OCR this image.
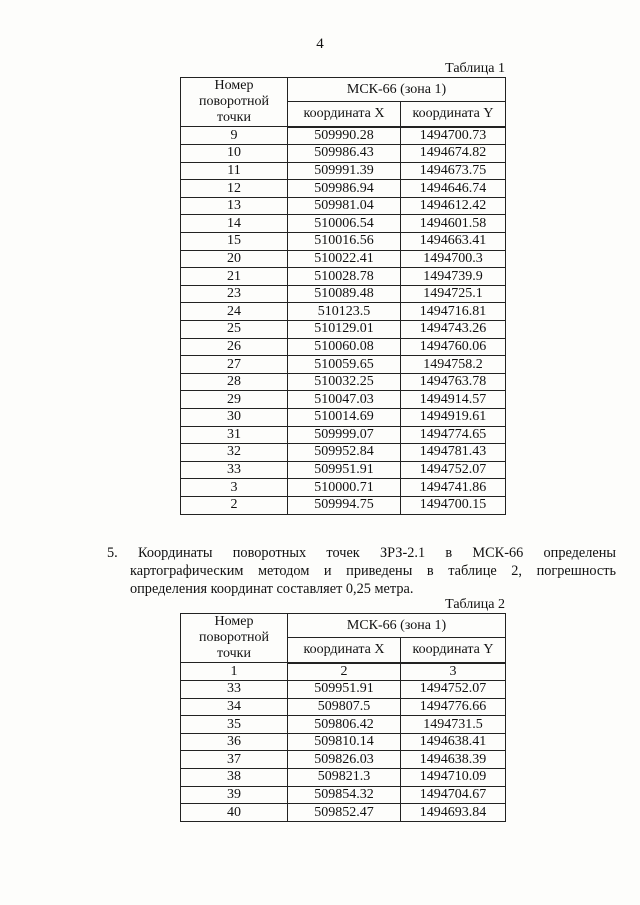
4
Таблица 1
Номер поворотной точки	МСК-66 (зона 1)	
	координата X	координата Y
9	509990.28	1494700.73
10	509986.43	1494674.82
11	509991.39	1494673.75
12	509986.94	1494646.74
13	509981.04	1494612.42
14	510006.54	1494601.58
15	510016.56	1494663.41
20	510022.41	1494700.3
21	510028.78	1494739.9
23	510089.48	1494725.1
24	510123.5	1494716.81
25	510129.01	1494743.26
26	510060.08	1494760.06
27	510059.65	1494758.2
28	510032.25	1494763.78
29	510047.03	1494914.57
30	510014.69	1494919.61
31	509999.07	1494774.65
32	509952.84	1494781.43
33	509951.91	1494752.07
3	510000.71	1494741.86
2	509994.75	1494700.15
5. Координаты поворотных точек ЗРЗ-2.1 в МСК-66 определены картографическим методом и приведены в таблице 2, погрешность определения координат составляет 0,25 метра.
Таблица 2
Номер поворотной точки	МСК-66 (зона 1)	
	координата X	координата Y
1	2	3
33	509951.91	1494752.07
34	509807.5	1494776.66
35	509806.42	1494731.5
36	509810.14	1494638.41
37	509826.03	1494638.39
38	509821.3	1494710.09
39	509854.32	1494704.67
40	509852.47	1494693.84
